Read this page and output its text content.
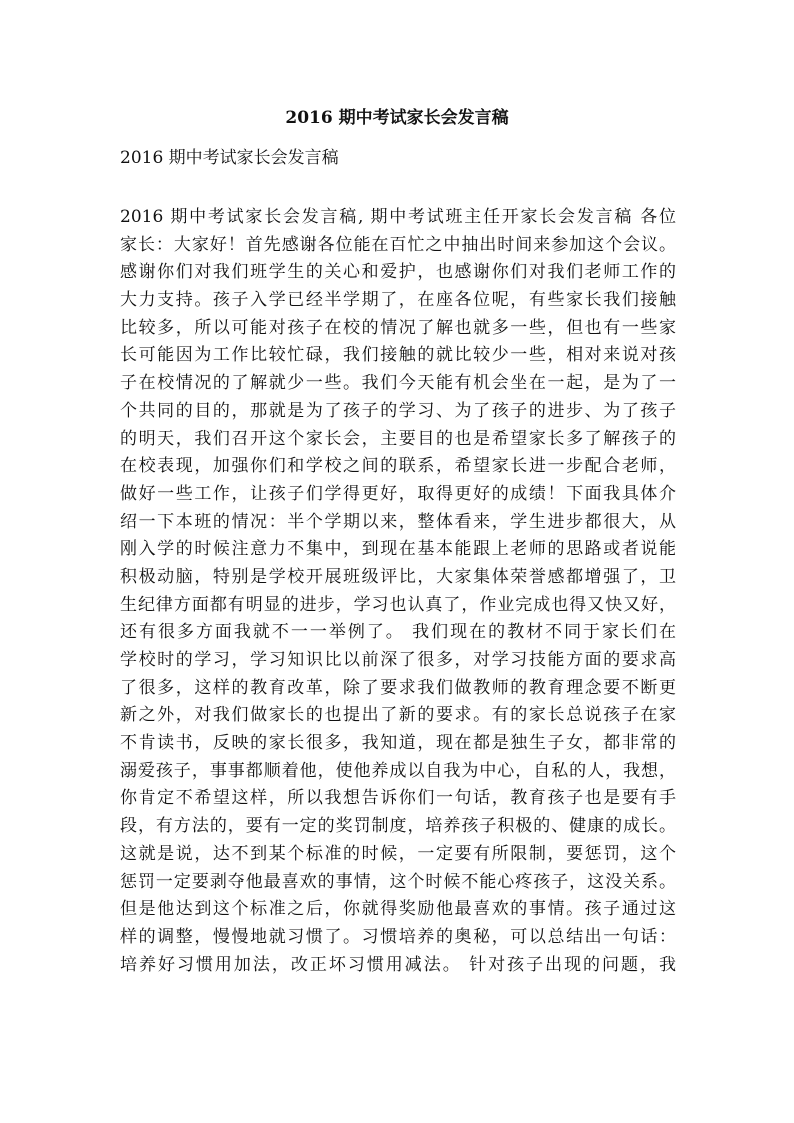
2016 期中考试家长会发言稿

2016 期中考试家长会发言稿

2016 期中考试家长会发言稿, 期中考试班主任开家长会发言稿 各位
家长：大家好！首先感谢各位能在百忙之中抽出时间来参加这个会议。
感谢你们对我们班学生的关心和爱护，也感谢你们对我们老师工作的
大力支持。孩子入学已经半学期了，在座各位呢，有些家长我们接触
比较多，所以可能对孩子在校的情况了解也就多一些，但也有一些家
长可能因为工作比较忙碌，我们接触的就比较少一些，相对来说对孩
子在校情况的了解就少一些。我们今天能有机会坐在一起，是为了一
个共同的目的，那就是为了孩子的学习、为了孩子的进步、为了孩子
的明天，我们召开这个家长会，主要目的也是希望家长多了解孩子的
在校表现，加强你们和学校之间的联系，希望家长进一步配合老师，
做好一些工作，让孩子们学得更好，取得更好的成绩！下面我具体介
绍一下本班的情况：半个学期以来，整体看来，学生进步都很大，从
刚入学的时候注意力不集中，到现在基本能跟上老师的思路或者说能
积极动脑，特别是学校开展班级评比，大家集体荣誉感都增强了，卫
生纪律方面都有明显的进步，学习也认真了，作业完成也得又快又好，
还有很多方面我就不一一举例了。 我们现在的教材不同于家长们在
学校时的学习，学习知识比以前深了很多，对学习技能方面的要求高
了很多，这样的教育改革，除了要求我们做教师的教育理念要不断更
新之外，对我们做家长的也提出了新的要求。有的家长总说孩子在家
不肯读书，反映的家长很多，我知道，现在都是独生子女，都非常的
溺爱孩子，事事都顺着他，使他养成以自我为中心，自私的人，我想，
你肯定不希望这样，所以我想告诉你们一句话，教育孩子也是要有手
段，有方法的，要有一定的奖罚制度，培养孩子积极的、健康的成长。
这就是说，达不到某个标准的时候，一定要有所限制，要惩罚，这个
惩罚一定要剥夺他最喜欢的事情，这个时候不能心疼孩子，这没关系。
但是他达到这个标准之后，你就得奖励他最喜欢的事情。孩子通过这
样的调整，慢慢地就习惯了。习惯培养的奥秘，可以总结出一句话：
培养好习惯用加法，改正坏习惯用减法。 针对孩子出现的问题，我
